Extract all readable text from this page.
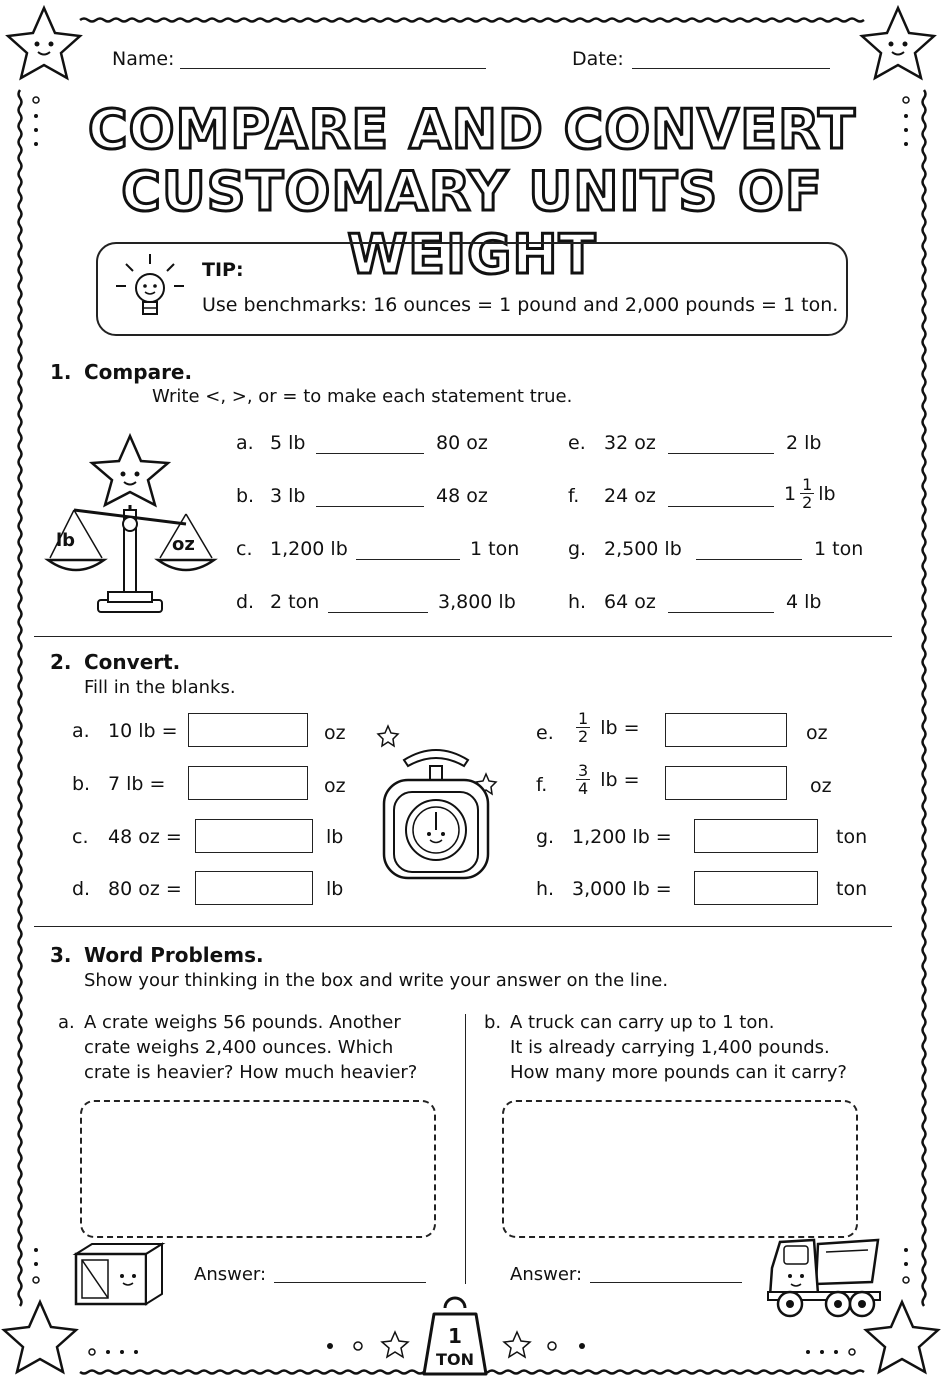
Name:	Date:
COMPARE AND CONVERT
CUSTOMARY UNITS OF WEIGHT
TIP:
Use benchmarks: 16 ounces = 1 pound and 2,000 pounds = 1 ton.
1. Compare.
Write <, >, or = to make each statement true.
lb	oz
a. 5 lb	80 oz
b. 3 lb	48 oz
c. 1,200 lb	1 ton
d. 2 ton	3,800 lb
e. 32 oz	2 lb
f. 24 oz	$1 \frac{1}{2}$ lb
g. 2,500 lb	1 ton
h. 64 oz	4 lb
2. Convert.
Fill in the blanks.
a. 10 lb =	oz
b. 7 lb =	oz
c. 48 oz =	lb
d. 80 oz =	lb
e. $\frac{1}{2}$ lb =	oz
f. $\frac{3}{4}$ lb =	oz
g. 1,200 lb =	ton
h. 3,000 lb =	ton
3. Word Problems.
Show your thinking in the box and write your answer on the line.
a. A crate weighs 56 pounds. Another
crate weighs 2,400 ounces. Which
crate is heavier? How much heavier?
b. A truck can carry up to 1 ton.
It is already carrying 1,400 pounds.
How many more pounds can it carry?
Answer:	Answer:
1
TON
